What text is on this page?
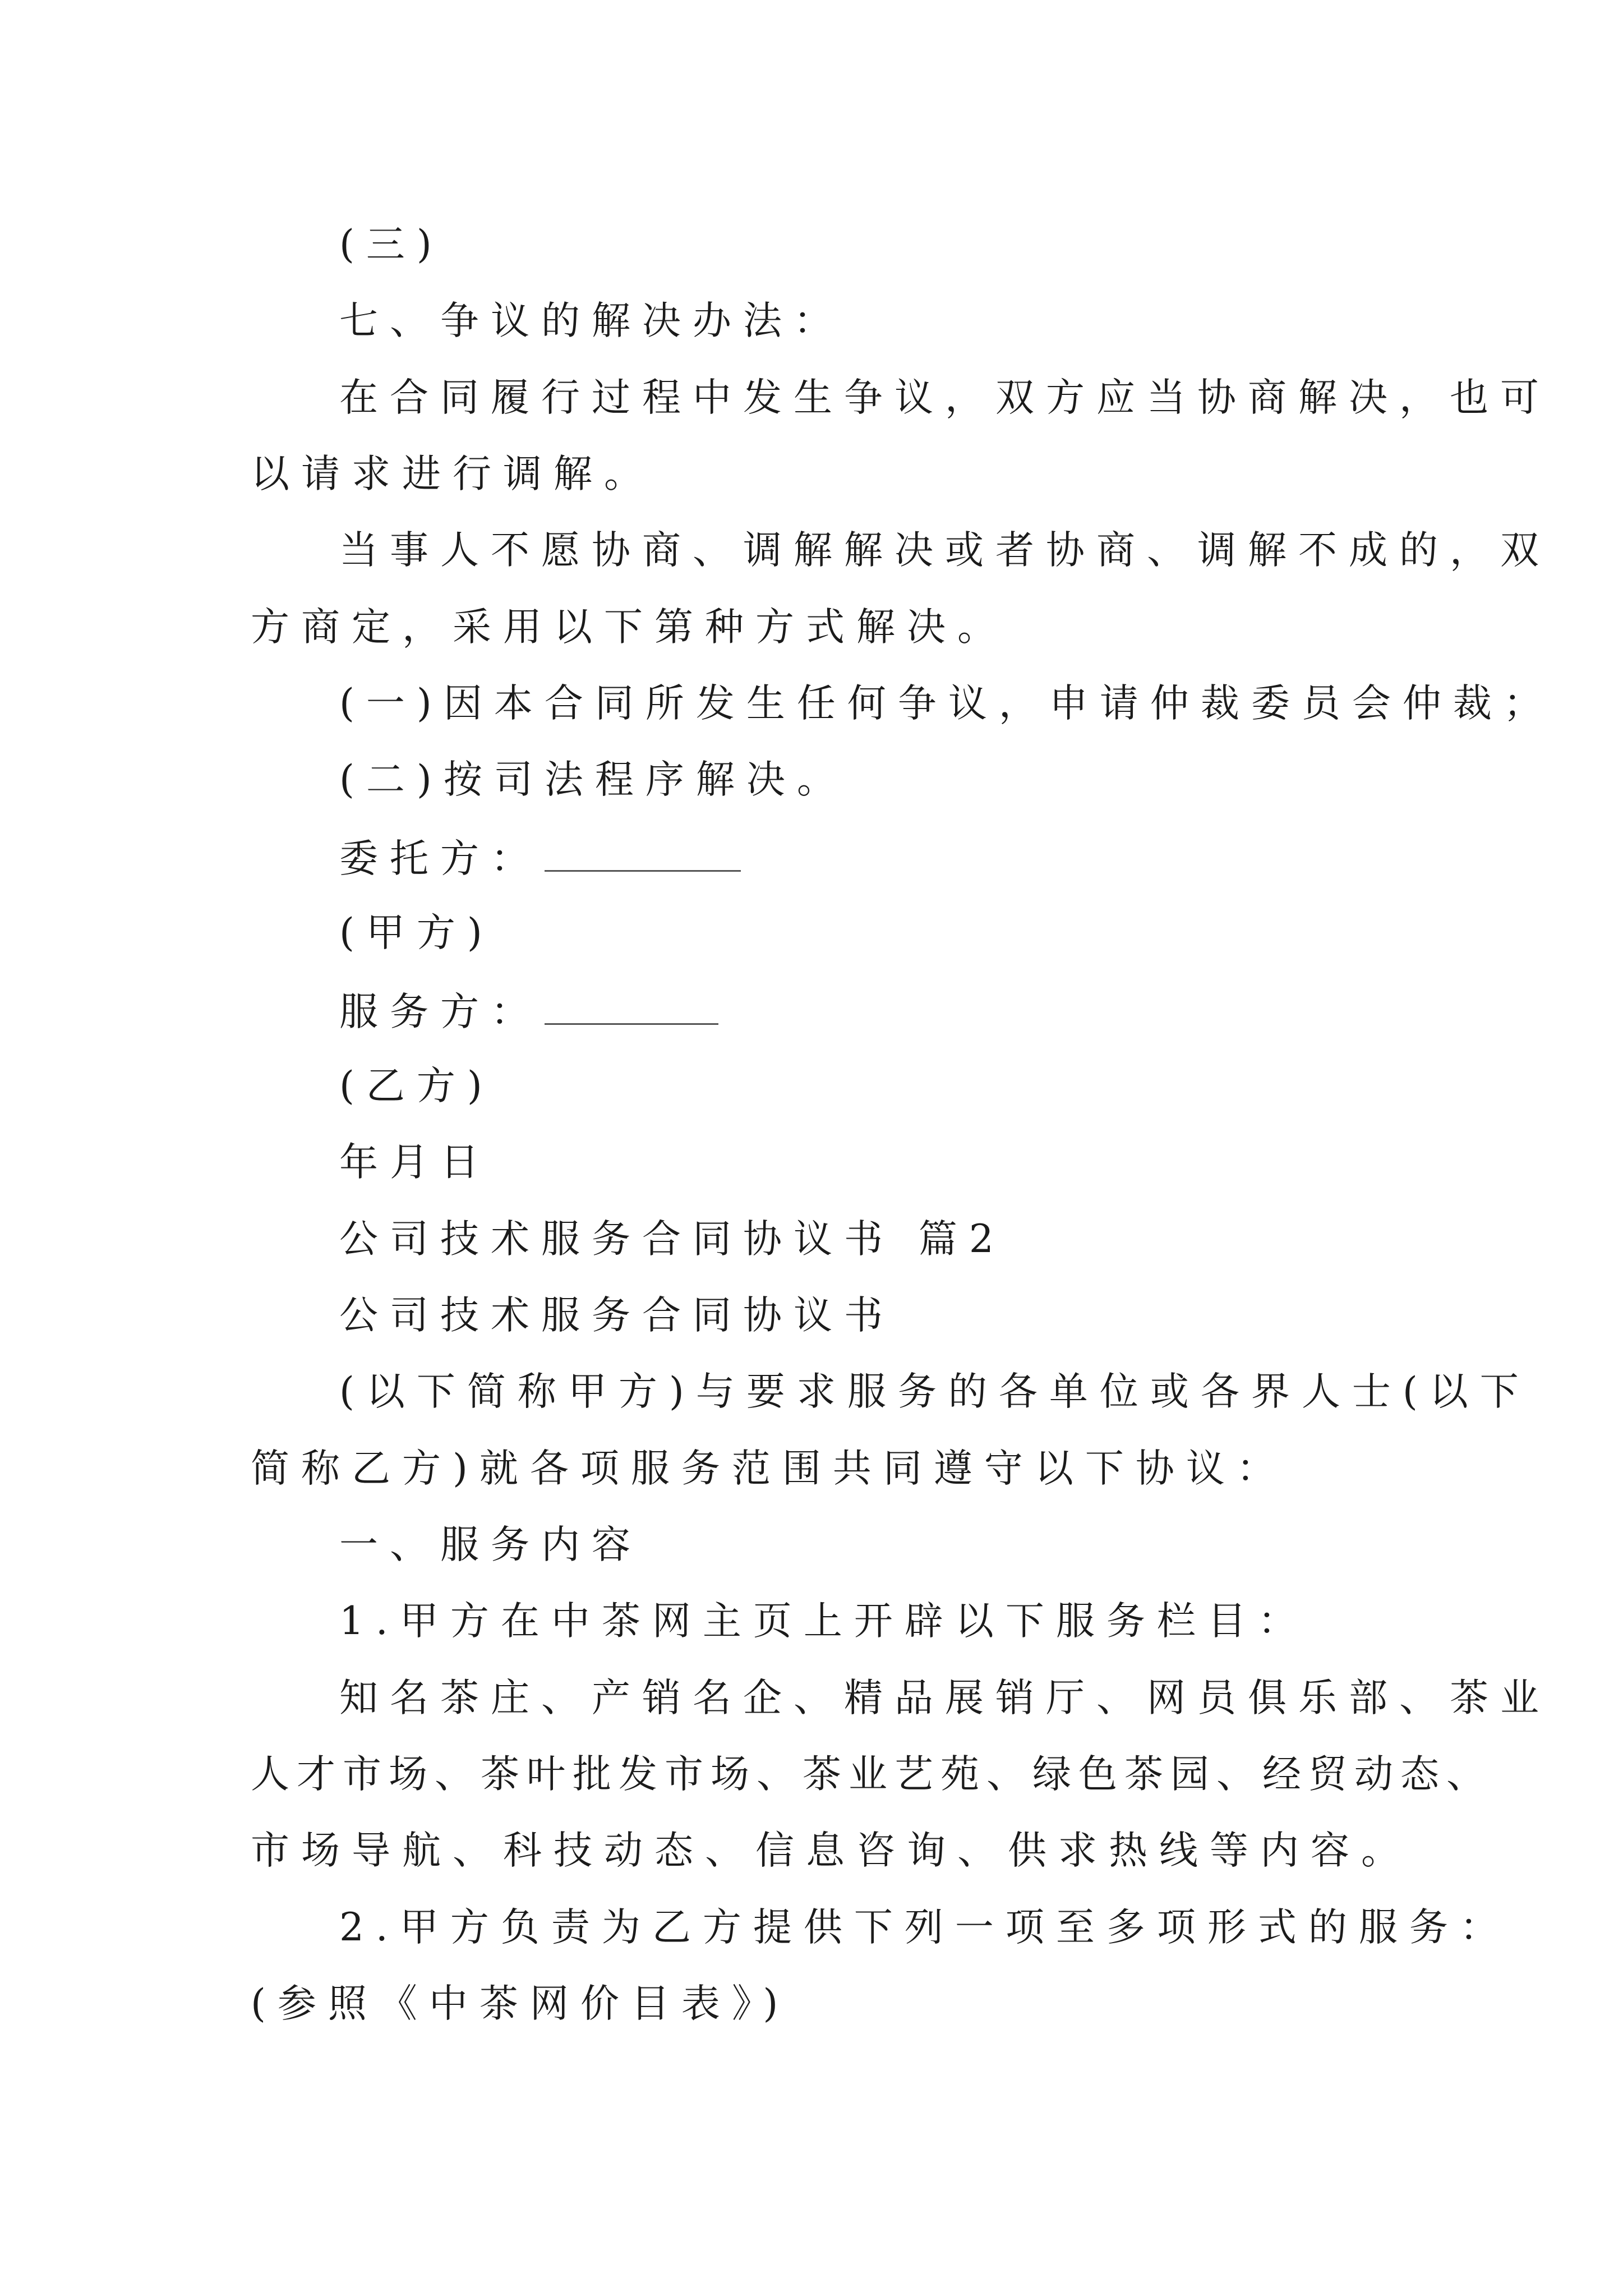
(三)
七、争议的解决办法：
在合同履行过程中发生争议，双方应当协商解决，也可
以请求进行调解。
当事人不愿协商、调解解决或者协商、调解不成的，双
方商定，采用以下第种方式解决。
(一)因本合同所发生任何争议，申请仲裁委员会仲裁；
(二)按司法程序解决。
委托方：
(甲方)
服务方：
(乙方)
年月日
公司技术服务合同协议书 篇2
公司技术服务合同协议书
(以下简称甲方)与要求服务的各单位或各界人士(以下
简称乙方)就各项服务范围共同遵守以下协议：
一、服务内容
1.甲方在中茶网主页上开辟以下服务栏目：
知名茶庄、产销名企、精品展销厅、网员俱乐部、茶业
人才市场、茶叶批发市场、茶业艺苑、绿色茶园、经贸动态、
市场导航、科技动态、信息咨询、供求热线等内容。
2.甲方负责为乙方提供下列一项至多项形式的服务：
(参照《中茶网价目表》)
